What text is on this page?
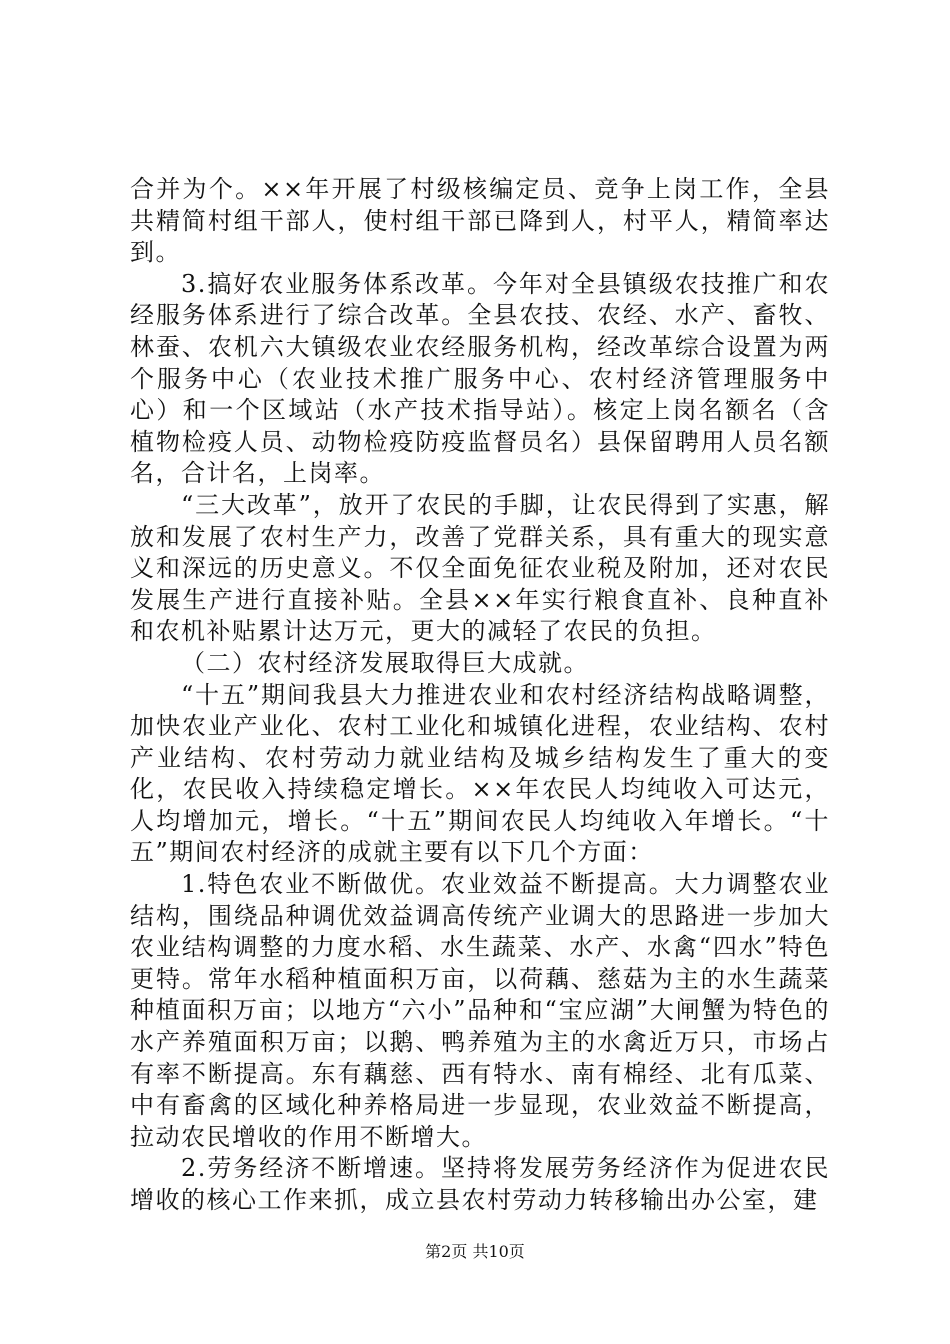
合并为个。××年开展了村级核编定员、竞争上岗工作，全县共精简村组干部人，使村组干部已降到人，村平人，精简率达到。

3.搞好农业服务体系改革。今年对全县镇级农技推广和农经服务体系进行了综合改革。全县农技、农经、水产、畜牧、林蚕、农机六大镇级农业农经服务机构，经改革综合设置为两个服务中心（农业技术推广服务中心、农村经济管理服务中心）和一个区域站（水产技术指导站）。核定上岗名额名（含植物检疫人员、动物检疫防疫监督员名）县保留聘用人员名额名，合计名，上岗率。

“三大改革”，放开了农民的手脚，让农民得到了实惠，解放和发展了农村生产力，改善了党群关系，具有重大的现实意义和深远的历史意义。不仅全面免征农业税及附加，还对农民发展生产进行直接补贴。全县××年实行粮食直补、良种直补和农机补贴累计达万元，更大的减轻了农民的负担。

（二）农村经济发展取得巨大成就。

“十五”期间我县大力推进农业和农村经济结构战略调整，加快农业产业化、农村工业化和城镇化进程，农业结构、农村产业结构、农村劳动力就业结构及城乡结构发生了重大的变化，农民收入持续稳定增长。××年农民人均纯收入可达元，人均增加元，增长。“十五”期间农民人均纯收入年增长。“十五”期间农村经济的成就主要有以下几个方面：

1.特色农业不断做优。农业效益不断提高。大力调整农业结构，围绕品种调优效益调高传统产业调大的思路进一步加大农业结构调整的力度水稻、水生蔬菜、水产、水禽“四水”特色更特。常年水稻种植面积万亩，以荷藕、慈菇为主的水生蔬菜种植面积万亩；以地方“六小”品种和“宝应湖”大闸蟹为特色的水产养殖面积万亩；以鹅、鸭养殖为主的水禽近万只，市场占有率不断提高。东有藕慈、西有特水、南有棉经、北有瓜菜、中有畜禽的区域化种养格局进一步显现，农业效益不断提高，拉动农民增收的作用不断增大。

2.劳务经济不断增速。坚持将发展劳务经济作为促进农民增收的核心工作来抓，成立县农村劳动力转移输出办公室，建

第2页 共10页
